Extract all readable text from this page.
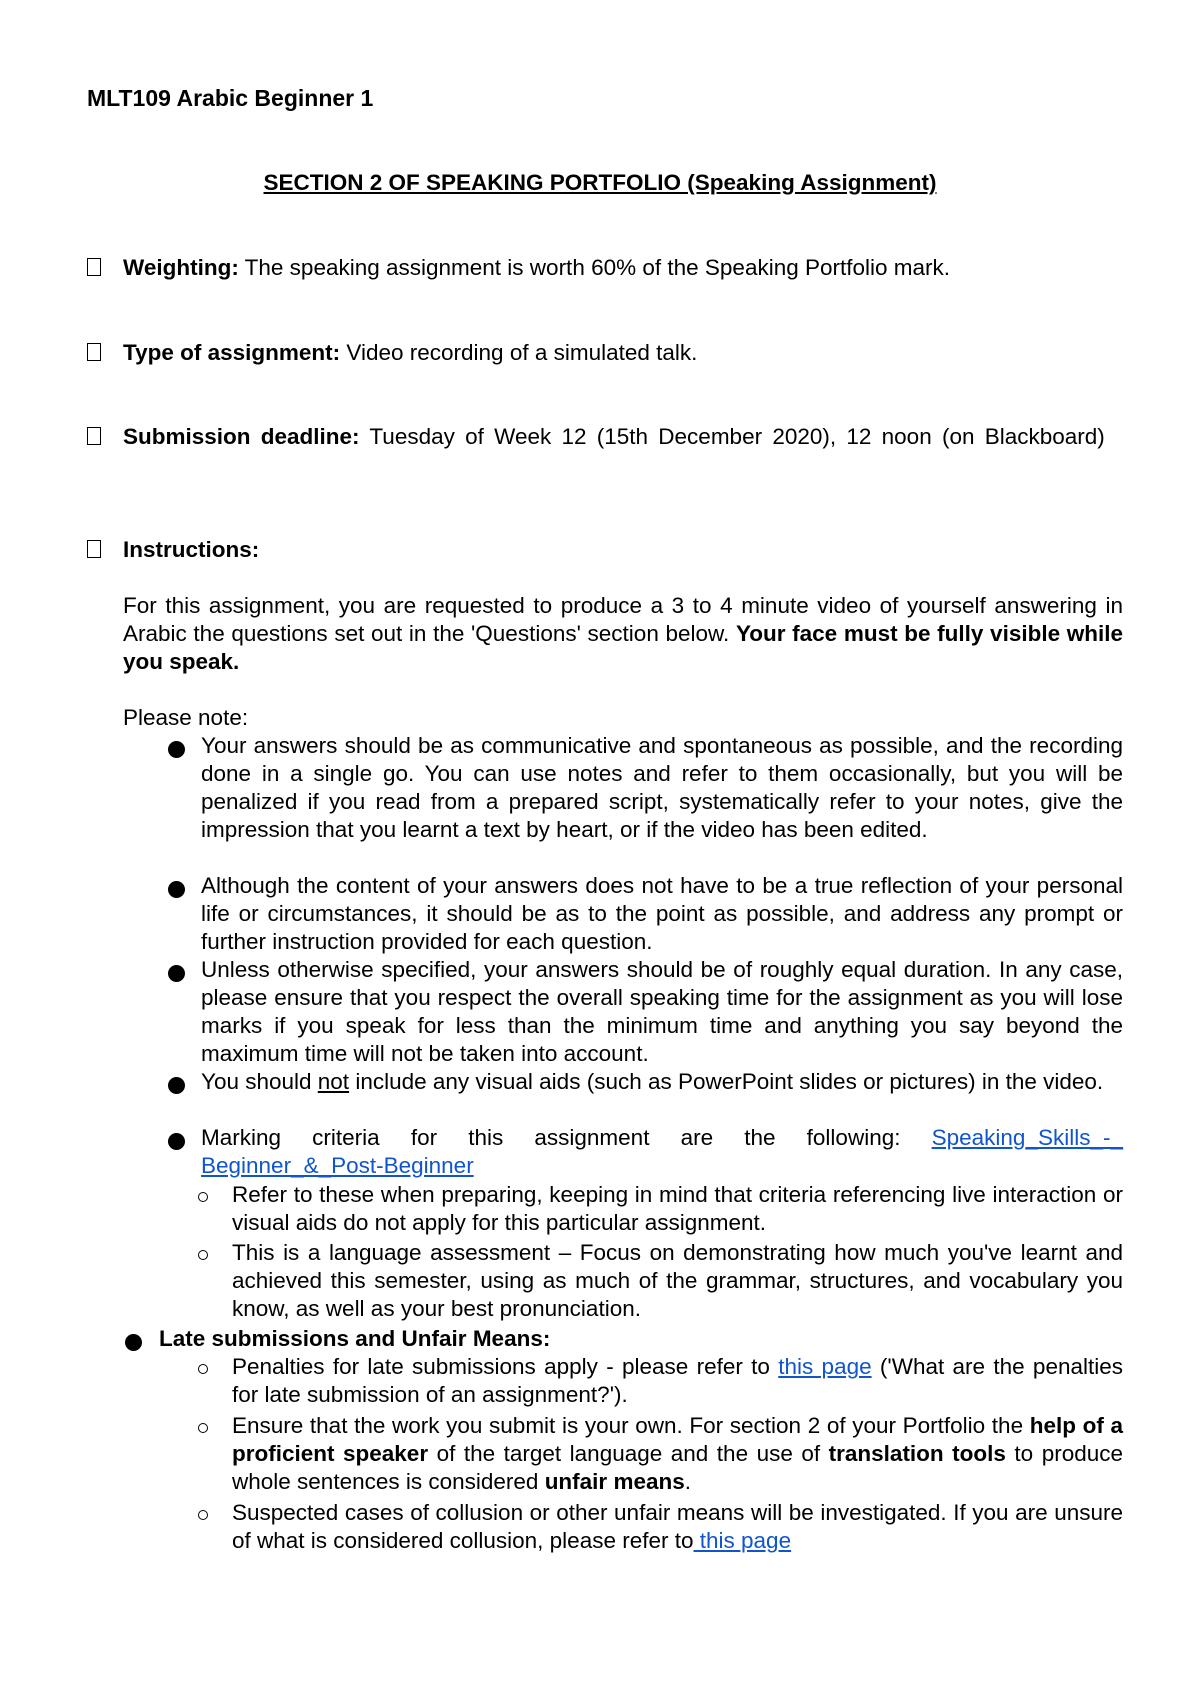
MLT109 Arabic Beginner 1
SECTION 2 OF SPEAKING PORTFOLIO (Speaking Assignment)
Weighting: The speaking assignment is worth 60% of the Speaking Portfolio mark.
Type of assignment: Video recording of a simulated talk.
Submission deadline: Tuesday of Week 12 (15th December 2020), 12 noon (on Blackboard)
Instructions:
For this assignment, you are requested to produce a 3 to 4 minute video of yourself answering in Arabic the questions set out in the 'Questions' section below. Your face must be fully visible while you speak.
Please note:
Your answers should be as communicative and spontaneous as possible, and the recording done in a single go. You can use notes and refer to them occasionally, but you will be penalized if you read from a prepared script, systematically refer to your notes, give the impression that you learnt a text by heart, or if the video has been edited.
Although the content of your answers does not have to be a true reflection of your personal life or circumstances, it should be as to the point as possible, and address any prompt or further instruction provided for each question.
Unless otherwise specified, your answers should be of roughly equal duration. In any case, please ensure that you respect the overall speaking time for the assignment as you will lose marks if you speak for less than the minimum time and anything you say beyond the maximum time will not be taken into account.
You should not include any visual aids (such as PowerPoint slides or pictures) in the video.
Marking criteria for this assignment are the following: Speaking_Skills_-_
Beginner_&_Post-Beginner
Refer to these when preparing, keeping in mind that criteria referencing live interaction or visual aids do not apply for this particular assignment.
This is a language assessment – Focus on demonstrating how much you've learnt and achieved this semester, using as much of the grammar, structures, and vocabulary you know, as well as your best pronunciation.
Late submissions and Unfair Means:
Penalties for late submissions apply - please refer to this page ('What are the penalties for late submission of an assignment?').
Ensure that the work you submit is your own. For section 2 of your Portfolio the help of a proficient speaker of the target language and the use of translation tools to produce whole sentences is considered unfair means.
Suspected cases of collusion or other unfair means will be investigated. If you are unsure of what is considered collusion, please refer to this page
